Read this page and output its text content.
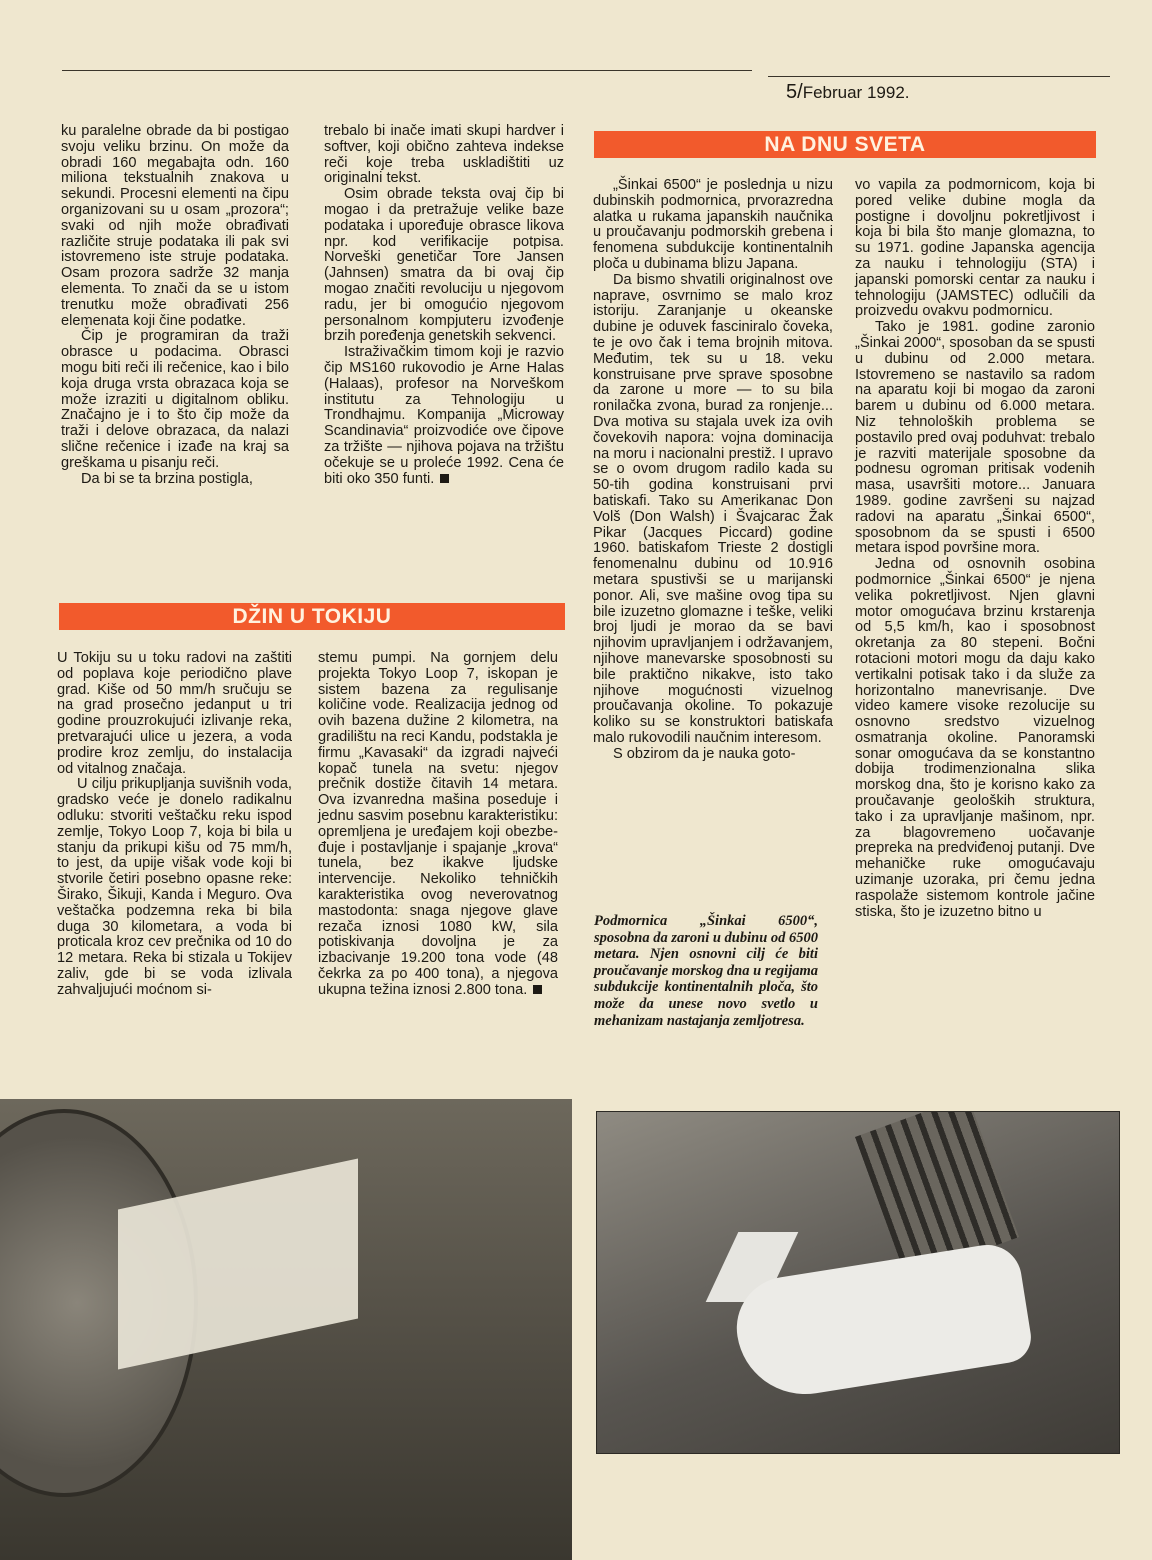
5/Februar 1992.

ku paralelne obrade da bi postigao svoju veliku brzinu. On može da obradi 160 megabajta odn. 160 miliona tekstualnih znakova u sekundi. Procesni elementi na čipu organizovani su u osam „prozora“; svaki od njih može obrađivati različite struje podataka ili pak svi istovremeno iste struje podataka. Osam prozora sadrže 32 manja elementa. To znači da se u istom trenutku može obrađivati 256 elemenata koji čine podatke.

Čip je programiran da traži obrasce u podacima. Obrasci mogu biti reči ili rečenice, kao i bilo koja druga vrsta obrazaca koja se može izraziti u digitalnom obliku. Značajno je i to što čip može da traži i delove obrazaca, da nalazi slične rečenice i izađe na kraj sa greškama u pisanju reči.

Da bi se ta brzina postigla,

trebalo bi inače imati skupi hardver i softver, koji obično zahteva indekse reči koje treba uskladištiti uz originalni tekst.

Osim obrade teksta ovaj čip bi mogao i da pretražuje velike baze podataka i upoređuje obrasce likova npr. kod verifikacije potpisa. Norveški genetičar Tore Jansen (Jahnsen) smatra da bi ovaj čip mogao značiti revoluciju u njegovom radu, jer bi omogućio njegovom personalnom kompjuteru izvođenje brzih poređenja genetskih sekvenci.

Istraživačkim timom koji je razvio čip MS160 rukovodio je Arne Halas (Halaas), profesor na Norveškom institutu za Tehnologiju u Trondhajmu. Kompanija „Microway Scandinavia“ proizvodiće ove čipove za tržište — njihova pojava na tržištu očekuje se u proleće 1992. Cena će biti oko 350 funti.

DŽIN U TOKIJU

U Tokiju su u toku radovi na zaštiti od poplava koje periodično plave grad. Kiše od 50 mm/h sručuju se na grad prosečno jedanput u tri godine prouzrokujući izlivanje reka, pretvarajući ulice u jezera, a voda prodire kroz zemlju, do instalacija od vitalnog značaja.

U cilju prikupljanja suvišnih voda, gradsko veće je donelo radikalnu odluku: stvoriti veštačku reku ispod zemlje, Tokyo Loop 7, koja bi bila u stanju da prikupi kišu od 75 mm/h, to jest, da upije višak vode koji bi stvorile četiri posebno opasne reke: Širako, Šikuji, Kanda i Meguro. Ova veštačka podzemna reka bi bila duga 30 kilometara, a voda bi proticala kroz cev prečnika od 10 do 12 metara. Reka bi stizala u Tokijev zaliv, gde bi se voda izlivala zahvaljujući moćnom si-

stemu pumpi. Na gornjem delu projekta Tokyo Loop 7, iskopan je sistem bazena za regulisanje količine vode. Realizacija jednog od ovih bazena dužine 2 kilometra, na gradilištu na reci Kandu, podstakla je firmu „Kavasaki“ da izgradi najveći kopač tunela na svetu: njegov prečnik dostiže čitavih 14 metara. Ova izvanredna mašina poseduje i jednu sasvim posebnu karakteristiku: opremljena je uređajem koji obezbeđuje i postavljanje i spajanje „krova“ tunela, bez ikakve ljudske intervencije. Nekoliko tehničkih karakteristika ovog neverovatnog mastodonta: snaga njegove glave rezača iznosi 1080 kW, sila potiskivanja dovoljna je za izbacivanje 19.200 tona vode (48 čekrka za po 400 tona), a njegova ukupna težina iznosi 2.800 tona.

NA DNU SVETA

„Šinkai 6500“ je poslednja u nizu dubinskih podmornica, prvorazredna alatka u rukama japanskih naučnika u proučavanju podmorskih grebena i fenomena subdukcije kontinentalnih ploča u dubinama blizu Japana.

Da bismo shvatili originalnost ove naprave, osvrnimo se malo kroz istoriju. Zaranjanje u okeanske dubine je oduvek fasciniralo čoveka, te je ovo čak i tema brojnih mitova. Međutim, tek su u 18. veku konstruisane prve sprave sposobne da zarone u more — to su bila ronilačka zvona, burad za ronjenje... Dva motiva su stajala uvek iza ovih čovekovih napora: vojna dominacija na moru i nacionalni prestiž. I upravo se o ovom drugom radilo kada su 50-tih godina konstruisani prvi batiskafi. Tako su Amerikanac Don Volš (Don Walsh) i Švajcarac Žak Pikar (Jacques Piccard) godine 1960. batiskafom Trieste 2 dostigli fenomenalnu dubinu od 10.916 metara spustivši se u marijanski ponor. Ali, sve mašine ovog tipa su bile izuzetno glomazne i teške, veliki broj ljudi je morao da se bavi njihovim upravljanjem i održavanjem, njihove manevarske sposobnosti su bile praktično nikakve, isto tako njihove mogućnosti vizuelnog proučavanja okoline. To pokazuje koliko su se konstruktori batiskafa malo rukovodili naučnim interesom.

S obzirom da je nauka goto-

Podmornica „Šinkai 6500“, sposobna da zaroni u dubinu od 6500 metara. Njen osnovni cilj će biti proučavanje morskog dna u regijama subdukcije kontinentalnih ploča, što može da unese novo svetlo u mehanizam nastajanja zemljotresa.

vo vapila za podmornicom, koja bi pored velike dubine mogla da postigne i dovoljnu pokretljivost i koja bi bila što manje glomazna, to su 1971. godine Japanska agencija za nauku i tehnologiju (STA) i japanski pomorski centar za nauku i tehnologiju (JAMSTEC) odlučili da proizvedu ovakvu podmornicu.

Tako je 1981. godine zaronio „Šinkai 2000“, sposoban da se spusti u dubinu od 2.000 metara. Istovremeno se nastavilo sa radom na aparatu koji bi mogao da zaroni barem u dubinu od 6.000 metara. Niz tehnoloških problema se postavilo pred ovaj poduhvat: trebalo je razviti materijale sposobne da podnesu ogroman pritisak vodenih masa, usavršiti motore... Januara 1989. godine završeni su najzad radovi na aparatu „Šinkai 6500“, sposobnom da se spusti i 6500 metara ispod površine mora.

Jedna od osnovnih osobina podmornice „Šinkai 6500“ je njena velika pokretljivost. Njen glavni motor omogućava brzinu krstarenja od 5,5 km/h, kao i sposobnost okretanja za 80 stepeni. Bočni rotacioni motori mogu da daju kako vertikalni potisak tako i da služe za horizontalno manevrisanje. Dve video kamere visoke rezolucije su osnovno sredstvo vizuelnog osmatranja okoline. Panoramski sonar omogućava da se konstantno dobija trodimenzionalna slika morskog dna, što je korisno kako za proučavanje geoloških struktura, tako i za upravljanje mašinom, npr. za blagovremeno uočavanje prepreka na predviđenoj putanji. Dve mehaničke ruke omogućavaju uzimanje uzoraka, pri čemu jedna raspolaže sistemom kontrole jačine stiska, što je izuzetno bitno u
